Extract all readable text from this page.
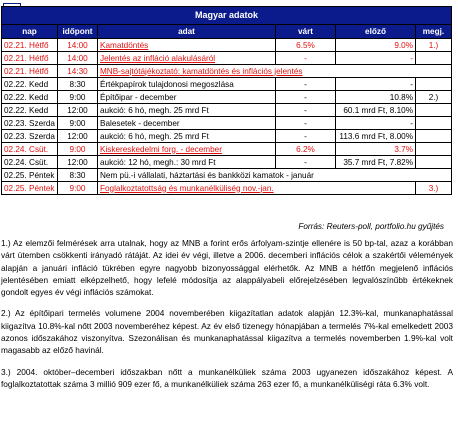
Magyar adatok					
nap	időpont	adat	várt	előző	megj.
02.21. Hétfő	14:00	Kamatdöntés	6.5%	9.0%	1.)
02.21. Hétfő	14:00	Jelentés az infláció alakulásáról	-	-	
02.21. Hétfő	14:30	MNB-sajtótájékoztató: kamatdöntés és inflációs jelentés			
02.22. Kedd	8:30	Értékpapírok tulajdonosi megoszlása	-	-	
02.22. Kedd	9:00	Építőipar - december	-	10.8%	2.)
02.22. Kedd	12:00	aukció: 6 hó, megh. 25 mrd Ft	-	60.1 mrd Ft, 8.10%	
02.23. Szerda	9:00	Balesetek - december	-	-	
02.23. Szerda	12:00	aukció: 6 hó, megh. 25 mrd Ft	-	113.6 mrd Ft, 8.00%	
02.24. Csüt.	9:00	Kiskereskedelmi forg. - december	6.2%	3.7%	
02.24. Csüt.	12:00	aukció: 12 hó, megh.: 30 mrd Ft	-	35.7 mrd Ft, 7.82%	
02.25. Péntek	8:30	Nem pü.-i vállalati, háztartási és bankközi kamatok - január			
02.25. Péntek	9:00	Foglalkoztatottság és munkanélküliség nov.-jan.			3.)
Forrás: Reuters-poll, portfolio.hu gyűjtés

1.) Az elemzői felmérések arra utalnak, hogy az MNB a forint erős árfolyam-szintje ellenére is 50 bp-tal, azaz a korábban várt ütemben csökkenti irányadó rátáját. Az idei év végi, illetve a 2006. decemberi inflációs célok a szakértői vélemények alapján a januári infláció tükrében egyre nagyobb bizonyossággal elérhetők. Az MNB a hétfőn megjelenő inflációs jelentésében emiatt elképzelhető, hogy lefelé módosítja az alappályabeli előrejelzésében legvalószínűbb értékeknek gondolt egyes év végi inflációs számokat.

2.) Az építőipari termelés volumene 2004 novemberében kiigazítatlan adatok alapján 12.3%-kal, munkanaphatással kiigazítva 10.8%-kal nőtt 2003 novemberéhez képest. Az év első tizenegy hónapjában a termelés 7%-kal emelkedett 2003 azonos időszakához viszonyítva. Szezonálisan és munkanaphatással kiigazítva a termelés novemberben 1.9%-kal volt magasabb az előző havinál.

3.) 2004. október–decemberi időszakban nőtt a munkanélküliek száma 2003 ugyanezen időszakához képest. A foglalkoztatottak száma 3 millió 909 ezer fő, a munkanélküliek száma 263 ezer fő, a munkanélküliségi ráta 6.3% volt.
